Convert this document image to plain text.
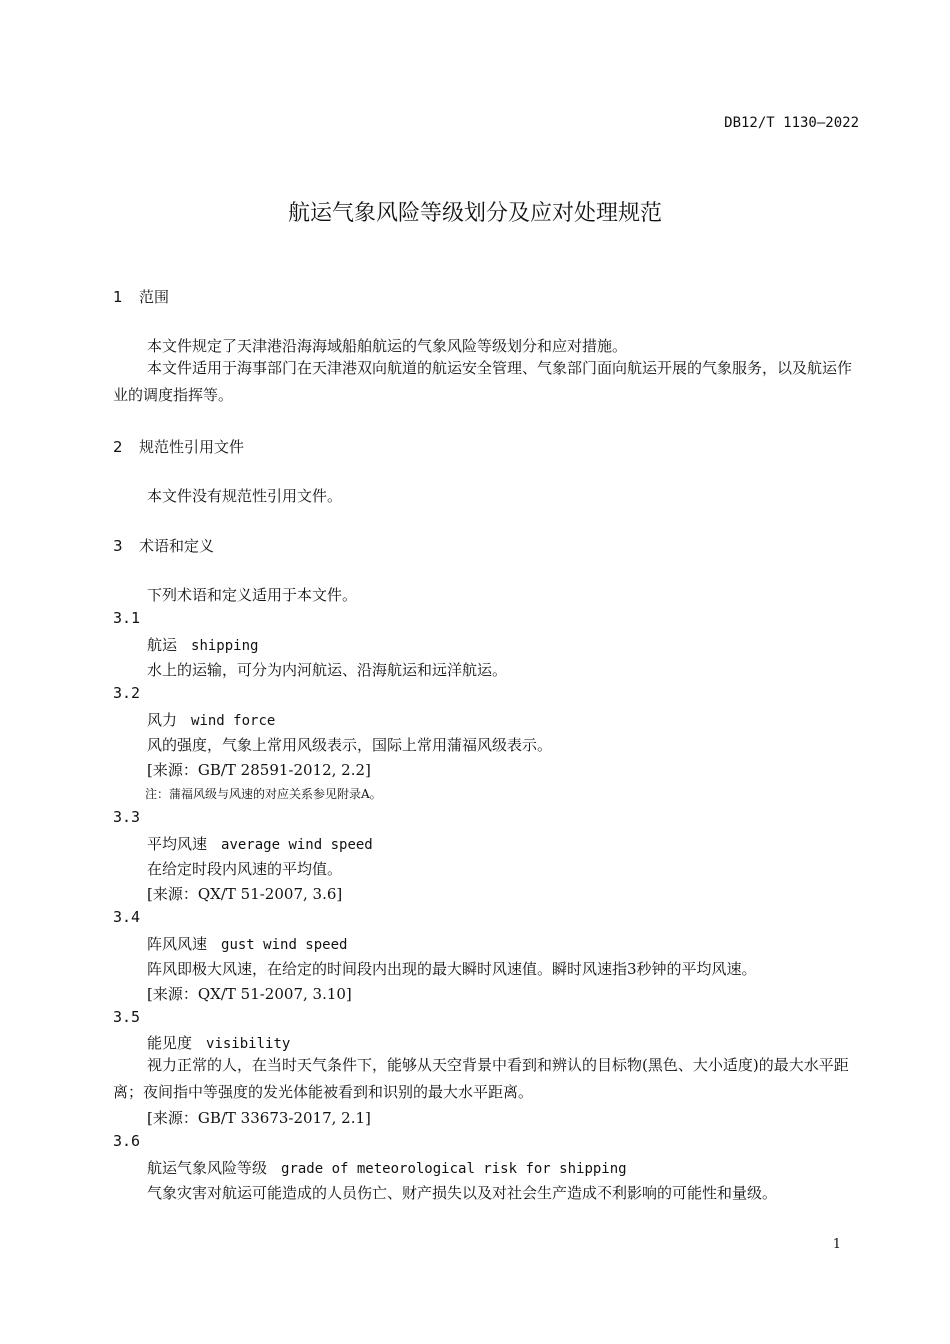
DB12/T 1130—2022
航运气象风险等级划分及应对处理规范
1 范围
本文件规定了天津港沿海海域船舶航运的气象风险等级划分和应对措施。
本文件适用于海事部门在天津港双向航道的航运安全管理、气象部门面向航运开展的气象服务，以及航运作业的调度指挥等。
2 规范性引用文件
本文件没有规范性引用文件。
3 术语和定义
下列术语和定义适用于本文件。
3.1
航运 shipping
水上的运输，可分为内河航运、沿海航运和远洋航运。
3.2
风力 wind force
风的强度，气象上常用风级表示，国际上常用蒲福风级表示。
[来源：GB/T 28591-2012, 2.2]
注：蒲福风级与风速的对应关系参见附录A。
3.3
平均风速 average wind speed
在给定时段内风速的平均值。
[来源：QX/T 51-2007, 3.6]
3.4
阵风风速 gust wind speed
阵风即极大风速，在给定的时间段内出现的最大瞬时风速值。瞬时风速指3秒钟的平均风速。
[来源：QX/T 51-2007, 3.10]
3.5
能见度 visibility
视力正常的人，在当时天气条件下，能够从天空背景中看到和辨认的目标物(黑色、大小适度)的最大水平距离；夜间指中等强度的发光体能被看到和识别的最大水平距离。
[来源：GB/T 33673-2017, 2.1]
3.6
航运气象风险等级 grade of meteorological risk for shipping
气象灾害对航运可能造成的人员伤亡、财产损失以及对社会生产造成不利影响的可能性和量级。
1
